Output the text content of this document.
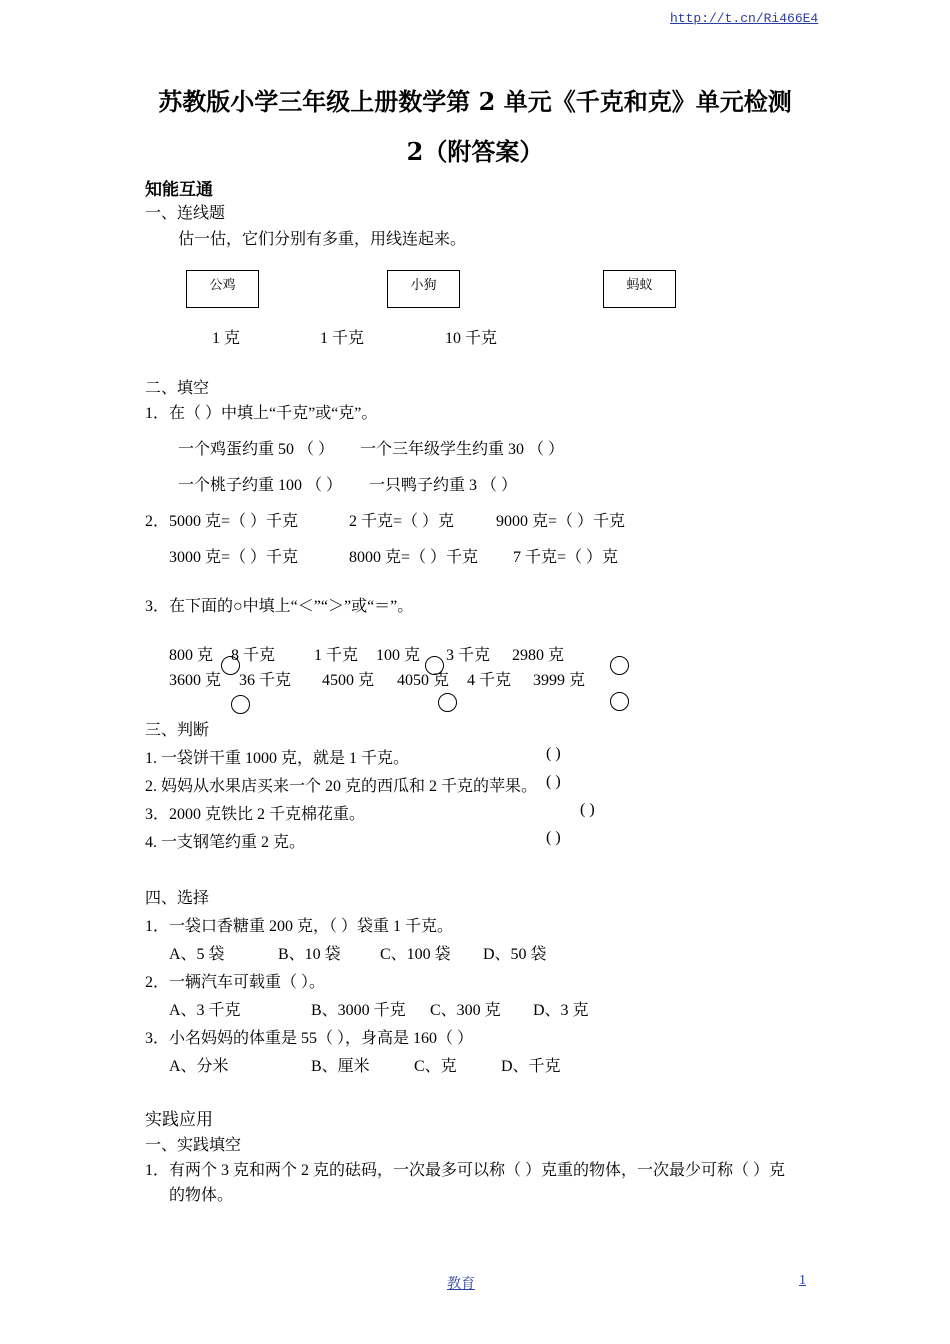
http://t.cn/Ri466E4
苏教版小学三年级上册数学第 2 单元《千克和克》单元检测
2（附答案）
知能互通
一、连线题
估一估，它们分别有多重，用线连起来。
公鸡	小狗	蚂蚁
1 克	1 千克	10 千克
二、填空
1．在（ ）中填上“千克”或“克”。
一个鸡蛋约重 50 （ ） 一个三年级学生约重 30 （ ）
一个桃子约重 100 （ ） 一只鸭子约重 3 （ ）
2． 5000 克=（ ）千克	2 千克=（ ）克	9000 克=（ ）千克
3000 克=（ ）千克	8000 克=（ ）千克 7 千克=（ ）克
3．在下面的○中填上“＜”“＞”或“＝”。
800 克 8 千克 1 千克 100 克 3 千克 2980 克
3600 克 36 千克 4500 克 4050 克 4 千克 3999 克
三、判断
1. 一袋饼干重 1000 克，就是 1 千克。	( )
2. 妈妈从水果店买来一个 20 克的西瓜和 2 千克的苹果。 ( )
3．2000 克铁比 2 千克棉花重。	( )
4. 一支钢笔约重 2 克。	( )
四、选择
1．一袋口香糖重 200 克，（ ）袋重 1 千克。
A、5 袋	B、10 袋 C、100 袋 D、50 袋
2．一辆汽车可载重（ ）。
A、3 千克	B、3000 千克 C、300 克 D、3 克
3．小名妈妈的体重是 55（ ），身高是 160（ ）
A、分米	B、厘米	C、克	D、千克
实践应用
一、实践填空
1．有两个 3 克和两个 2 克的砝码，一次最多可以称（ ）克重的物体，一次最少可称（ ）克
的物体。
教育	1
